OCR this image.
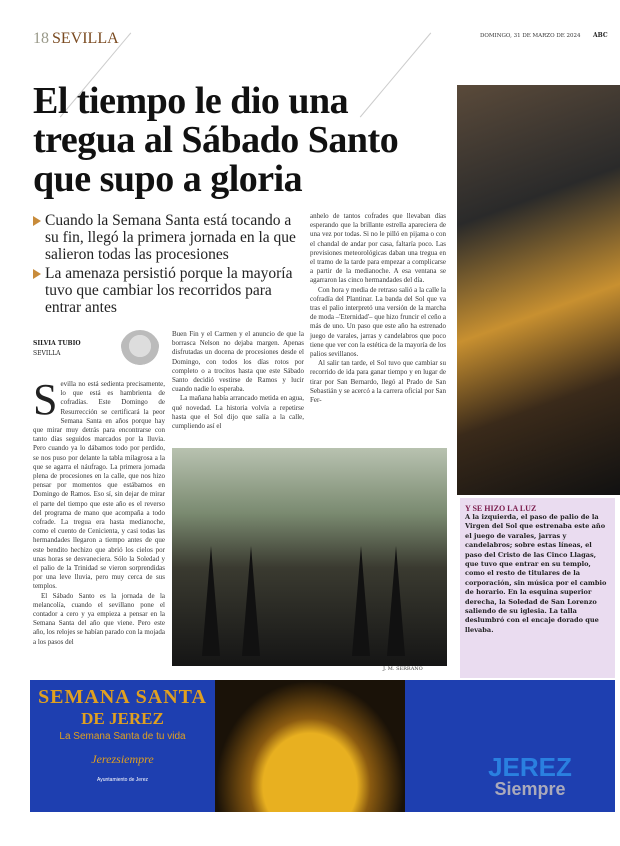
18 SEVILLA	DOMINGO, 31 DE MARZO DE 2024 ABC
El tiempo le dio una tregua al Sábado Santo que supo a gloria
Cuando la Semana Santa está tocando a su fin, llegó la primera jornada en la que salieron todas las procesiones
La amenaza persistió porque la mayoría tuvo que cambiar los recorridos para entrar antes
SILVIA TUBIO
SEVILLA

Sevilla no está sedienta precisamente, lo que está es hambrienta de cofradías. Este Domingo de Resurrección se certificará la peor Semana Santa en años porque hay que mirar muy detrás para encontrarse con tanto días seguidos marcados por la lluvia. Pero cuando ya lo dábamos todo por perdido, se nos puso por delante la tabla milagrosa a la que se agarra el náufrago. La primera jornada plena de procesiones en la calle, que nos hizo pensar por momentos que estábamos en Domingo de Ramos. Eso sí, sin dejar de mirar el parte del tiempo que este año es el reverso del programa de mano que acompaña a todo cofrade. La tregua era hasta medianoche, como el cuento de Cenicienta, y casi todas las hermandades llegaron a tiempo antes de que este bendito hechizo que abrió los cielos por unas horas se desvaneciera. Sólo la Soledad y el palio de la Trinidad se vieron sorprendidas por una leve lluvia, pero muy cerca de sus templos.

El Sábado Santo es la jornada de la melancolía, cuando el sevillano pone el contador a cero y ya empieza a pensar en la Semana Santa del año que viene. Pero este año, los relojes se habían parado con la mojada a los pasos del

Buen Fin y el Carmen y el anuncio de que la borrasca Nelson no dejaba margen. Apenas disfrutadas un docena de procesiones desde el Domingo, con todos los días rotos por completo o a trocitos hasta que este Sábado Santo decidió vestirse de Ramos y lucir cuando nadie lo esperaba.

La mañana había arrancado metida en agua, qué novedad. La historia volvía a repetirse hasta que el Sol dijo que salía a la calle, cumpliendo así el

anhelo de tantos cofrades que llevaban días esperando que la brillante estrella apareciera de una vez por todas. Si no le pilló en pijama o con el chandal de andar por casa, faltaría poco. Las previsiones meteorológicas daban una tregua en el tramo de la tarde para empezar a complicarse a partir de la medianoche. A esa ventana se agarraron las cinco hermandades del día.

Con hora y media de retraso salió a la calle la cofradía del Plantinar. La banda del Sol que va tras el palio interpretó una versión de la marcha de moda –'Eternidad'– que hizo fruncir el ceño a más de uno. Un paso que este año ha estrenado juego de varales, jarras y candelabros que poco tiene que ver con la estética de la mayoría de los palios sevillanos.

Al salir tan tarde, el Sol tuvo que cambiar su recorrido de ida para ganar tiempo y en lugar de tirar por San Bernardo, llegó al Prado de San Sebastián y se acercó a la carrera oficial por San Fer-

J. M. SERRANO
Y SE HIZO LA LUZ
A la izquierda, el paso de palio de la Virgen del Sol que estrenaba este año el juego de varales, jarras y candelabros; sobre estas líneas, el paso del Cristo de las Cinco Llagas, que tuvo que entrar en su templo, como el resto de titulares de la corporación, sin música por el cambio de horario. En la esquina superior derecha, la Soledad de San Lorenzo saliendo de su iglesia. La talla deslumbró con el encaje dorado que llevaba.
SEMANA SANTA
DE JEREZ
La Semana Santa de tu vida
Jerezsiempre
Ayuntamiento de Jerez	JEREZ
Siempre
